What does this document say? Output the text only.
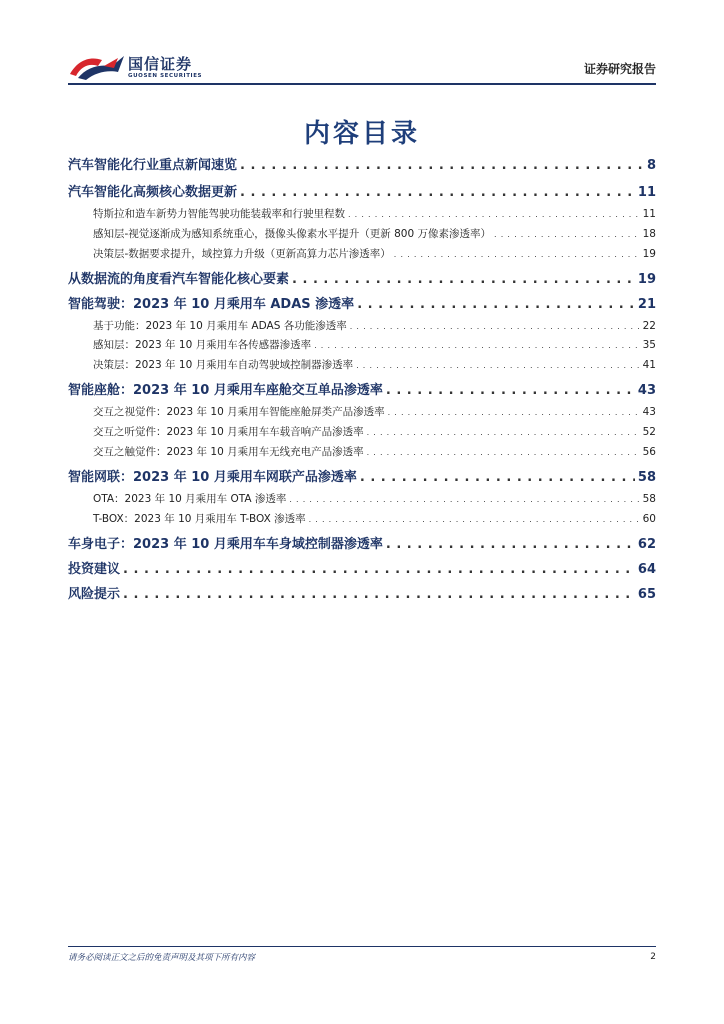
国信证券
GUOSEN SECURITIES	证券研究报告
内容目录
汽车智能化行业重点新闻速览 . . .	8
汽车智能化高频核心数据更新 . . .	11
特斯拉和造车新势力智能驾驶功能装载率和行驶里程数 . . .	11
感知层-视觉逐渐成为感知系统重心，摄像头像素水平提升（更新 800 万像素渗透率） . . .	18
决策层-数据要求提升，域控算力升级（更新高算力芯片渗透率） . . .	19
从数据流的角度看汽车智能化核心要素 . . .	19
智能驾驶：2023 年 10 月乘用车 ADAS 渗透率 . . .	21
基于功能：2023 年 10 月乘用车 ADAS 各功能渗透率 . . .	22
感知层：2023 年 10 月乘用车各传感器渗透率 . . .	35
决策层：2023 年 10 月乘用车自动驾驶域控制器渗透率 . . .	41
智能座舱：2023 年 10 月乘用车座舱交互单品渗透率 . . .	43
交互之视觉件：2023 年 10 月乘用车智能座舱屏类产品渗透率 . . .	43
交互之听觉件：2023 年 10 月乘用车车载音响产品渗透率 . . .	52
交互之触觉件：2023 年 10 月乘用车无线充电产品渗透率 . . .	56
智能网联：2023 年 10 月乘用车网联产品渗透率 . . .	58
OTA：2023 年 10 月乘用车 OTA 渗透率 . . .	58
T-BOX：2023 年 10 月乘用车 T-BOX 渗透率 . . .	60
车身电子：2023 年 10 月乘用车车身域控制器渗透率 . . .	62
投资建议 . . .	64
风险提示 . . .	65
请务必阅读正文之后的免责声明及其项下所有内容	2
